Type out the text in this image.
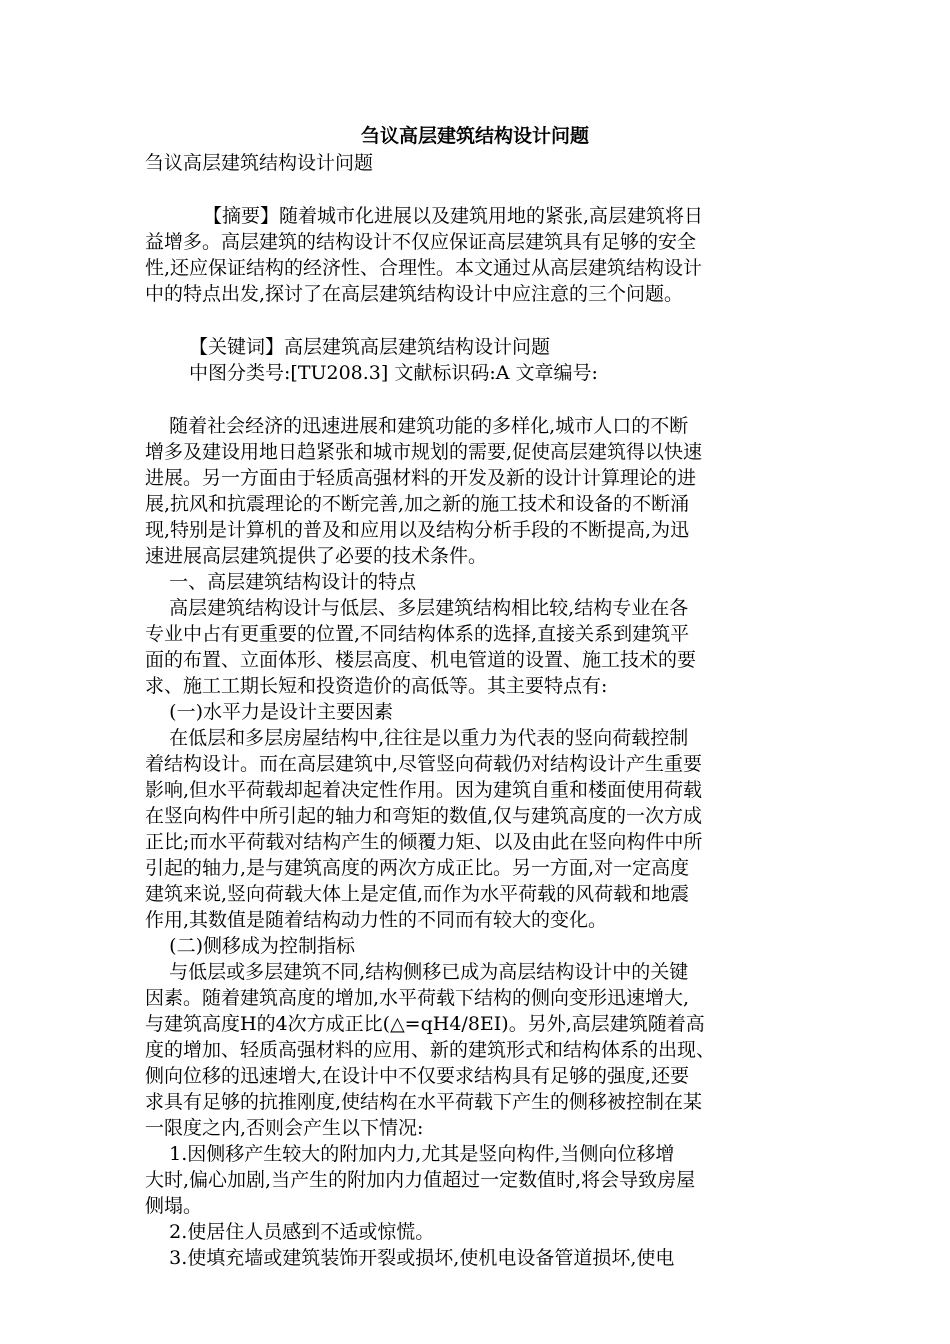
刍议高层建筑结构设计问题
刍议高层建筑结构设计问题
【摘要】随着城市化进展以及建筑用地的紧张,高层建筑将日
益增多。高层建筑的结构设计不仅应保证高层建筑具有足够的安全
性,还应保证结构的经济性、合理性。本文通过从高层建筑结构设计
中的特点出发,探讨了在高层建筑结构设计中应注意的三个问题。
【关键词】高层建筑高层建筑结构设计问题
中图分类号:[TU208.3] 文献标识码:A 文章编号:
随着社会经济的迅速进展和建筑功能的多样化,城市人口的不断
增多及建设用地日趋紧张和城市规划的需要,促使高层建筑得以快速
进展。另一方面由于轻质高强材料的开发及新的设计计算理论的进
展,抗风和抗震理论的不断完善,加之新的施工技术和设备的不断涌
现,特别是计算机的普及和应用以及结构分析手段的不断提高,为迅
速进展高层建筑提供了必要的技术条件。
一、高层建筑结构设计的特点
高层建筑结构设计与低层、多层建筑结构相比较,结构专业在各
专业中占有更重要的位置,不同结构体系的选择,直接关系到建筑平
面的布置、立面体形、楼层高度、机电管道的设置、施工技术的要
求、施工工期长短和投资造价的高低等。其主要特点有:
(一)水平力是设计主要因素
在低层和多层房屋结构中,往往是以重力为代表的竖向荷载控制
着结构设计。而在高层建筑中,尽管竖向荷载仍对结构设计产生重要
影响,但水平荷载却起着决定性作用。因为建筑自重和楼面使用荷载
在竖向构件中所引起的轴力和弯矩的数值,仅与建筑高度的一次方成
正比;而水平荷载对结构产生的倾覆力矩、以及由此在竖向构件中所
引起的轴力,是与建筑高度的两次方成正比。另一方面,对一定高度
建筑来说,竖向荷载大体上是定值,而作为水平荷载的风荷载和地震
作用,其数值是随着结构动力性的不同而有较大的变化。
(二)侧移成为控制指标
与低层或多层建筑不同,结构侧移已成为高层结构设计中的关键
因素。随着建筑高度的增加,水平荷载下结构的侧向变形迅速增大,
与建筑高度H的4次方成正比(△=qH4/8EI)。另外,高层建筑随着高
度的增加、轻质高强材料的应用、新的建筑形式和结构体系的出现、
侧向位移的迅速增大,在设计中不仅要求结构具有足够的强度,还要
求具有足够的抗推刚度,使结构在水平荷载下产生的侧移被控制在某
一限度之内,否则会产生以下情况:
1.因侧移产生较大的附加内力,尤其是竖向构件,当侧向位移增
大时,偏心加剧,当产生的附加内力值超过一定数值时,将会导致房屋
侧塌。
2.使居住人员感到不适或惊慌。
3.使填充墙或建筑装饰开裂或损坏,使机电设备管道损坏,使电
